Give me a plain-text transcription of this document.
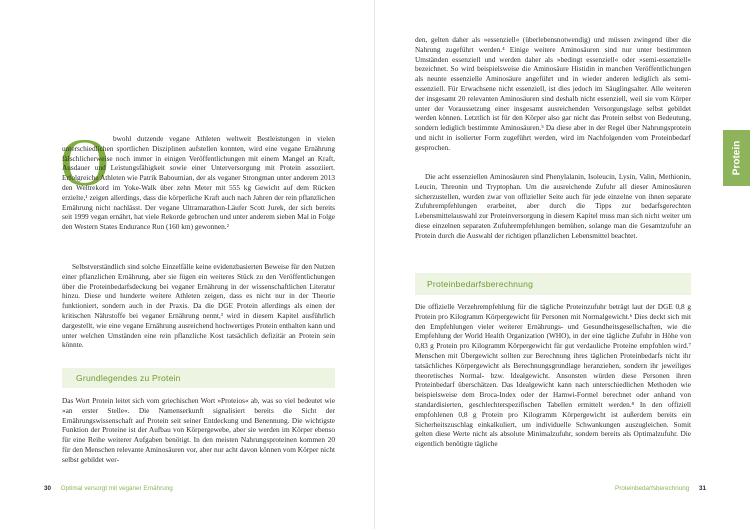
O bwohl dutzende vegane Athleten weltweit Bestleistungen in vielen unterschiedlichen sportlichen Disziplinen aufstellen konnten, wird eine vegane Ernährung fälschlicherweise noch immer in einigen Veröffentlichungen mit einem Mangel an Kraft, Ausdauer und Leistungsfähigkeit sowie einer Unterversorgung mit Protein assoziiert. Erfolgreiche Athleten wie Patrik Baboumian, der als veganer Strongman unter anderem 2013 den Weltrekord im Yoke-Walk über zehn Meter mit 555 kg Gewicht auf dem Rücken erzielte,¹ zeigen allerdings, dass die körperliche Kraft auch nach Jahren der rein pflanzlichen Ernährung nicht nachlässt. Der vegane Ultramarathon-Läufer Scott Jurek, der sich bereits seit 1999 vegan ernährt, hat viele Rekorde gebrochen und unter anderem sieben Mal in Folge den Western States Endurance Run (160 km) gewonnen.²

Selbstverständlich sind solche Einzelfälle keine evidenzbasierten Beweise für den Nutzen einer pflanzlichen Ernährung, aber sie fügen ein weiteres Stück zu den Veröffentlichungen über die Proteinbedarfsdeckung bei veganer Ernährung in der wissenschaftlichen Literatur hinzu. Diese und hunderte weitere Athleten zeigen, dass es nicht nur in der Theorie funktioniert, sondern auch in der Praxis. Da die DGE Protein allerdings als einen der kritischen Nährstoffe bei veganer Ernährung nennt,³ wird in diesem Kapitel ausführlich dargestellt, wie eine vegane Ernährung ausreichend hochwertiges Protein enthalten kann und unter welchen Umständen eine rein pflanzliche Kost tatsächlich defizitär an Protein sein könnte.

Grundlegendes zu Protein

Das Wort Protein leitet sich vom griechischen Wort »Proteios« ab, was so viel bedeutet wie »an erster Stelle«. Die Namenserkunft signalisiert bereits die Sicht der Ernährungswissenschaft auf Protein seit seiner Entdeckung und Benennung. Die wichtigste Funktion der Proteine ist der Aufbau von Körpergewebe, aber sie werden im Körper ebenso für eine Reihe weiterer Aufgaben benötigt. In den meisten Nahrungsproteinen kommen 20 für den Menschen relevante Aminosäuren vor, aber nur acht davon können vom Körper nicht selbst gebildet wer-

30 Optimal versorgt mit veganer Ernährung

den, gelten daher als »essenziell« (überlebensnotwendig) und müssen zwingend über die Nahrung zugeführt werden.⁴ Einige weitere Aminosäuren sind nur unter bestimmten Umständen essenziell und werden daher als »bedingt essenziell« oder »semi-essenziell« bezeichnet. So wird beispielsweise die Aminosäure Histidin in manchen Veröffentlichungen als neunte essenzielle Aminosäure angeführt und in wieder anderen lediglich als semi-essenziell. Für Erwachsene nicht essenziell, ist dies jedoch im Säuglingsalter. Alle weiteren der insgesamt 20 relevanten Aminosäuren sind deshalb nicht essenziell, weil sie vom Körper unter der Voraussetzung einer insgesamt ausreichenden Versorgungslage selbst gebildet werden können. Letztlich ist für den Körper also gar nicht das Protein selbst von Bedeutung, sondern lediglich bestimmte Aminosäuren.⁵ Da diese aber in der Regel über Nahrungsprotein und nicht in isolierter Form zugeführt werden, wird im Nachfolgenden vom Proteinbedarf gesprochen.

Die acht essenziellen Aminosäuren sind Phenylalanin, Isoleucin, Lysin, Valin, Methionin, Leucin, Threonin und Tryptophan. Um die ausreichende Zufuhr all dieser Aminosäuren sicherzustellen, wurden zwar von offizieller Seite auch für jede einzelne von ihnen separate Zufuhrempfehlungen erarbeitet, aber durch die Tipps zur bedarfsgerechten Lebensmittelauswahl zur Proteinversorgung in diesem Kapitel muss man sich nicht weiter um diese einzelnen separaten Zufuhrempfehlungen bemühen, solange man die Gesamtzufuhr an Protein durch die Auswahl der richtigen pflanzlichen Lebensmittel beachtet.

Proteinbedarfsberechnung

Die offizielle Verzehrempfehlung für die tägliche Proteinzufuhr beträgt laut der DGE 0,8 g Protein pro Kilogramm Körpergewicht für Personen mit Normalgewicht.⁶ Dies deckt sich mit den Empfehlungen vieler weiterer Ernährungs- und Gesundheitsgesellschaften, wie die Empfehlung der World Health Organization (WHO), in der eine tägliche Zufuhr in Höhe von 0,83 g Protein pro Kilogramm Körpergewicht für gut verdauliche Proteine empfohlen wird.⁷ Menschen mit Übergewicht sollten zur Berechnung ihres täglichen Proteinbedarfs nicht ihr tatsächliches Körpergewicht als Berechnungsgrundlage heranziehen, sondern ihr jeweiliges theoretisches Normal- bzw. Idealgewicht. Ansonsten würden diese Personen ihren Proteinbedarf überschätzen. Das Idealgewicht kann nach unterschiedlichen Methoden wie beispielsweise dem Broca-Index oder der Hamwi-Formel berechnet oder anhand von standardisierten, geschlechterspezifischen Tabellen ermittelt werden.⁸ In den offiziell empfohlenen 0,8 g Protein pro Kilogramm Körpergewicht ist außerdem bereits ein Sicherheitszuschlag einkalkuliert, um individuelle Schwankungen auszugleichen. Somit gelten diese Werte nicht als absolute Minimalzufuhr, sondern bereits als Optimalzufuhr. Die eigentlich benötigte tägliche

Proteinbedarfsberechnung 31
Protein
